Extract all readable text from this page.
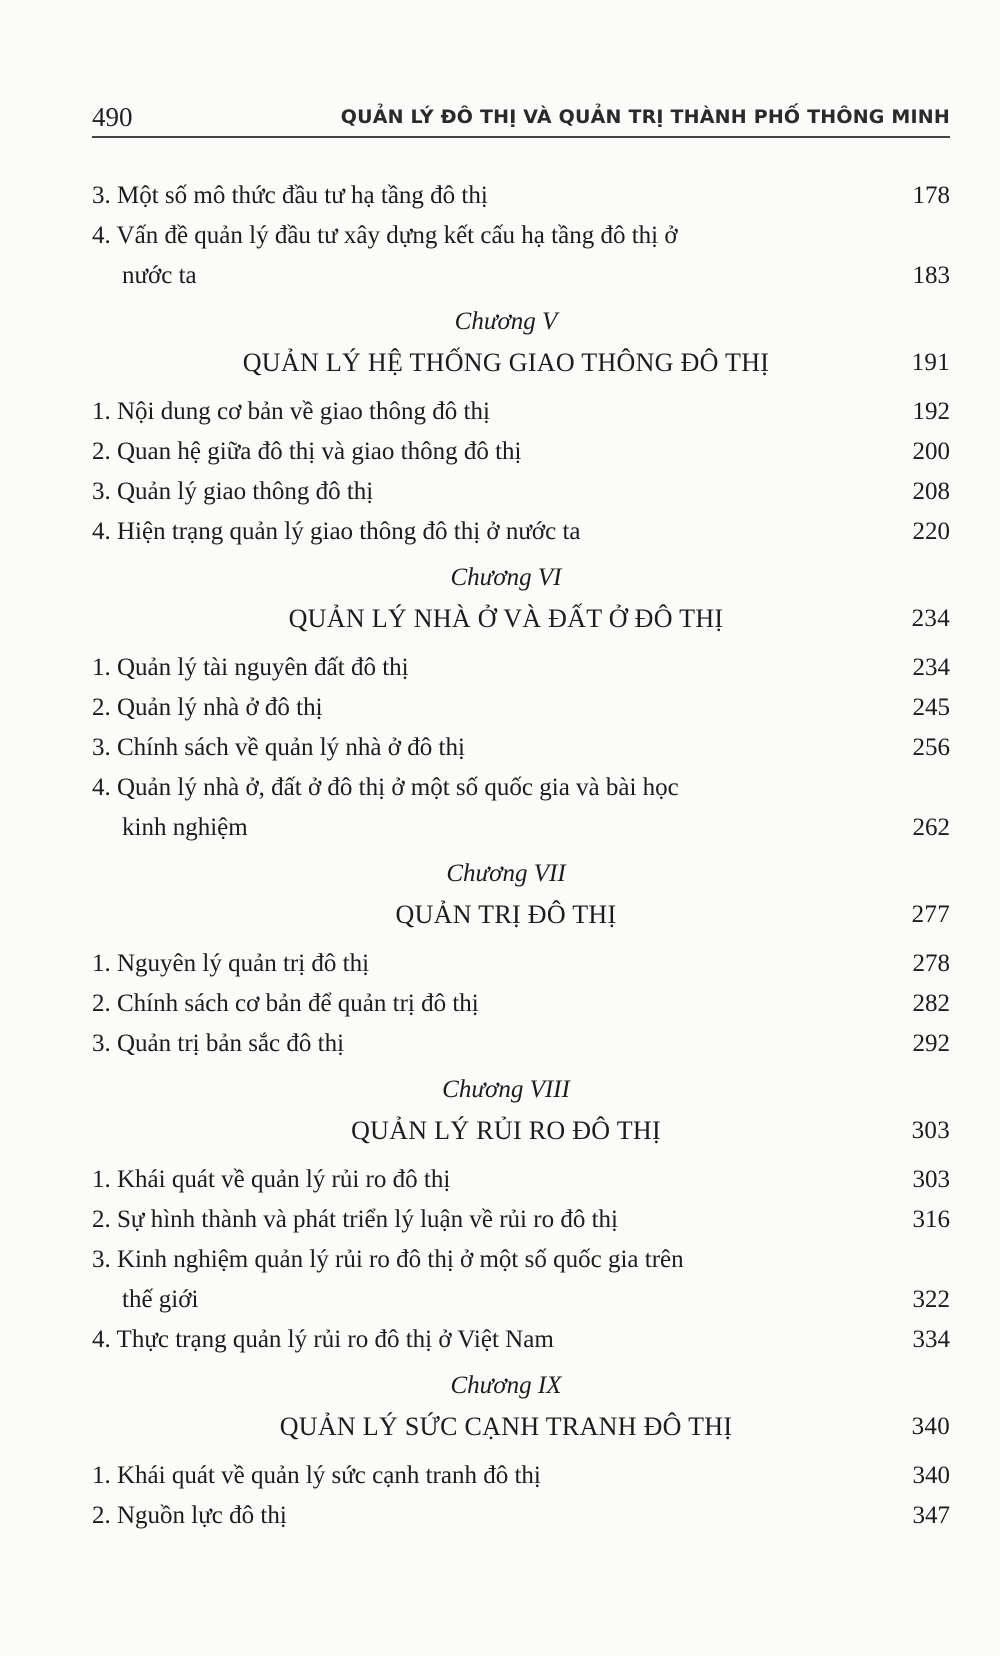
490	QUẢN LÝ ĐÔ THỊ VÀ QUẢN TRỊ THÀNH PHỐ THÔNG MINH
3. Một số mô thức đầu tư hạ tầng đô thị	178
4. Vấn đề quản lý đầu tư xây dựng kết cấu hạ tầng đô thị ở
nước ta	183
Chương V
QUẢN LÝ HỆ THỐNG GIAO THÔNG ĐÔ THỊ	191
1. Nội dung cơ bản về giao thông đô thị	192
2. Quan hệ giữa đô thị và giao thông đô thị	200
3. Quản lý giao thông đô thị	208
4. Hiện trạng quản lý giao thông đô thị ở nước ta	220
Chương VI
QUẢN LÝ NHÀ Ở VÀ ĐẤT Ở ĐÔ THỊ	234
1. Quản lý tài nguyên đất đô thị	234
2. Quản lý nhà ở đô thị	245
3. Chính sách về quản lý nhà ở đô thị	256
4. Quản lý nhà ở, đất ở đô thị ở một số quốc gia và bài học
kinh nghiệm	262
Chương VII
QUẢN TRỊ ĐÔ THỊ	277
1. Nguyên lý quản trị đô thị	278
2. Chính sách cơ bản để quản trị đô thị	282
3. Quản trị bản sắc đô thị	292
Chương VIII
QUẢN LÝ RỦI RO ĐÔ THỊ	303
1. Khái quát về quản lý rủi ro đô thị	303
2. Sự hình thành và phát triển lý luận về rủi ro đô thị	316
3. Kinh nghiệm quản lý rủi ro đô thị ở một số quốc gia trên
thế giới	322
4. Thực trạng quản lý rủi ro đô thị ở Việt Nam	334
Chương IX
QUẢN LÝ SỨC CẠNH TRANH ĐÔ THỊ	340
1. Khái quát về quản lý sức cạnh tranh đô thị	340
2. Nguồn lực đô thị	347
